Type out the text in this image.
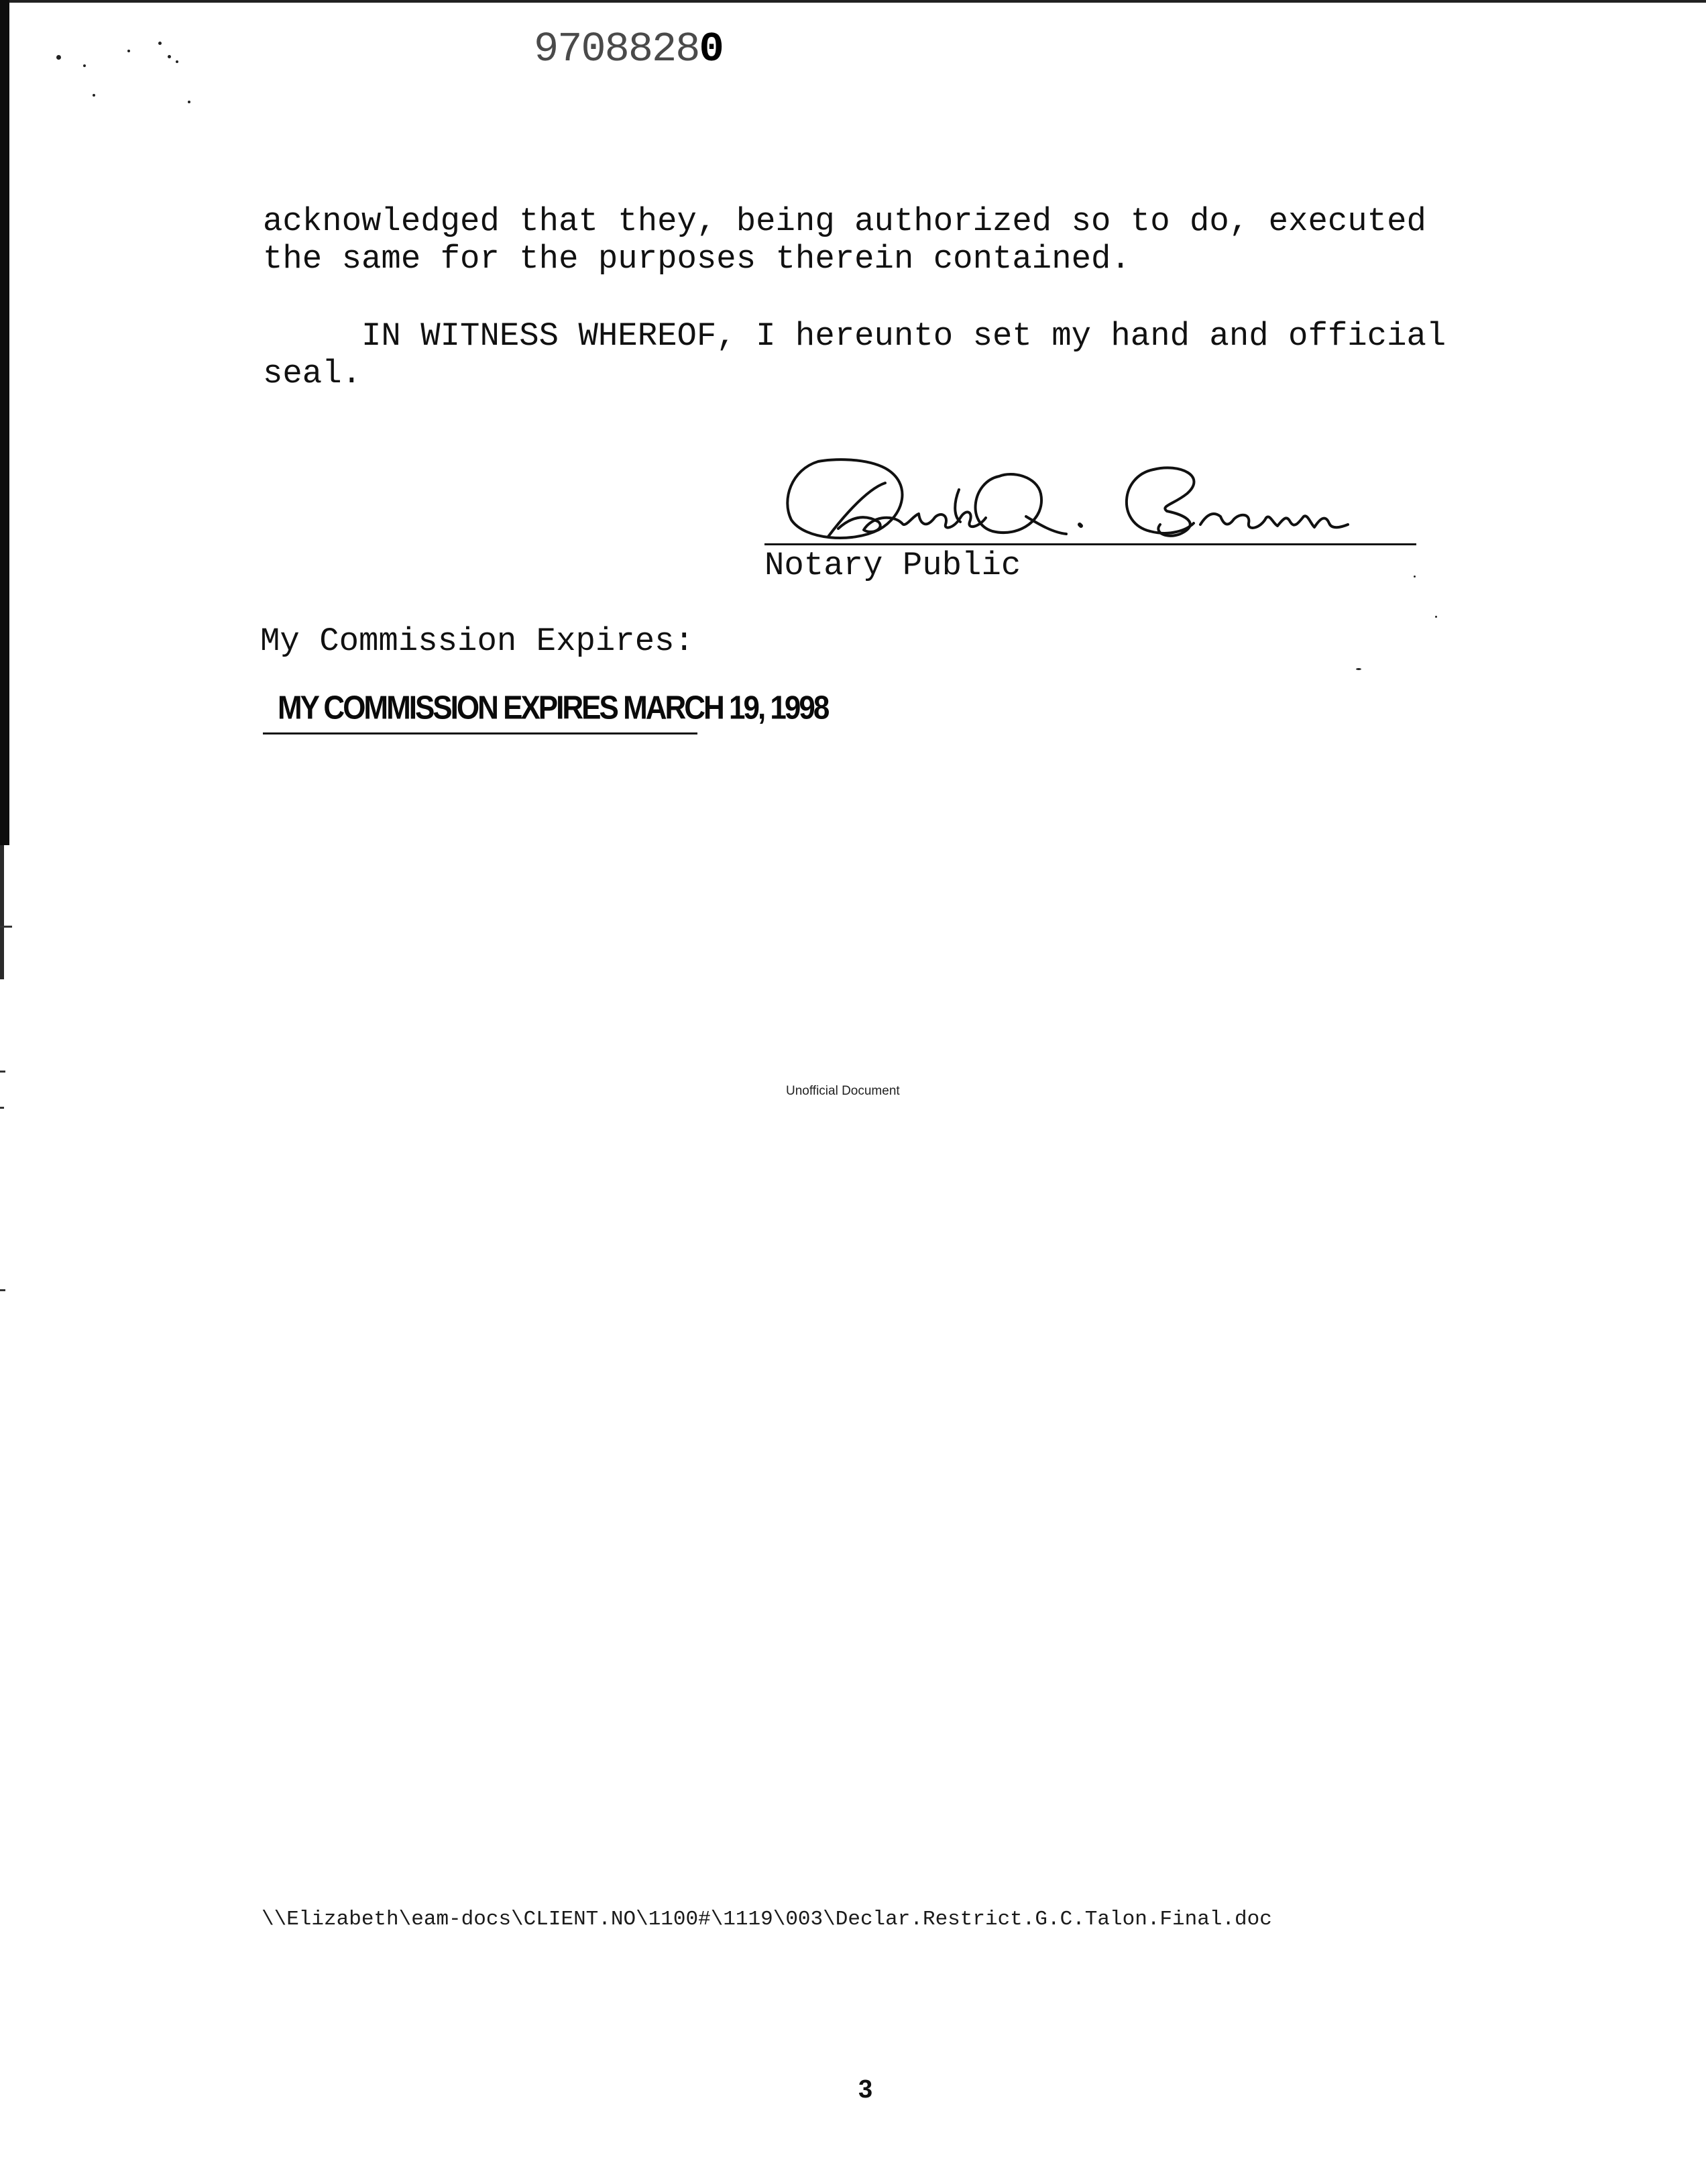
97088280

acknowledged that they, being authorized so to do, executed
the same for the purposes therein contained.

IN WITNESS WHEREOF, I hereunto set my hand and official
seal.

Notary Public

My Commission Expires:

MY COMMISSION EXPIRES MARCH 19, 1998

Unofficial Document

\\Elizabeth\eam-docs\CLIENT.NO\1100#\1119\003\Declar.Restrict.G.C.Talon.Final.doc

3
